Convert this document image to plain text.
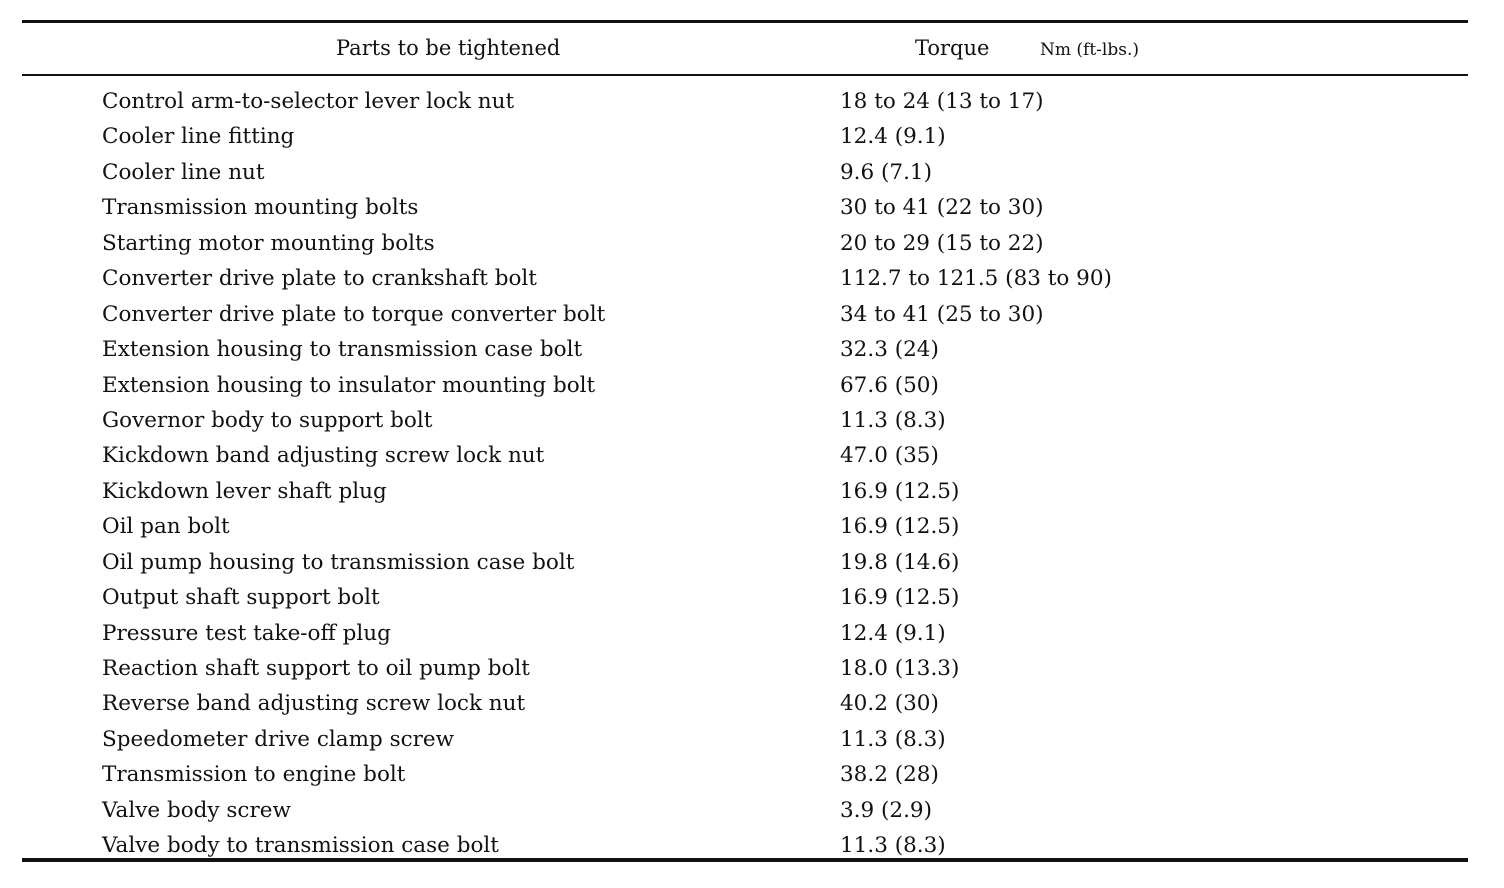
Parts to be tightened	Torque	Nm (ft-lbs.)
Control arm-to-selector lever lock nut	18 to 24 (13 to 17)
Cooler line fitting	12.4 (9.1)
Cooler line nut	9.6 (7.1)
Transmission mounting bolts	30 to 41 (22 to 30)
Starting motor mounting bolts	20 to 29 (15 to 22)
Converter drive plate to crankshaft bolt	112.7 to 121.5 (83 to 90)
Converter drive plate to torque converter bolt	34 to 41 (25 to 30)
Extension housing to transmission case bolt	32.3 (24)
Extension housing to insulator mounting bolt	67.6 (50)
Governor body to support bolt	11.3 (8.3)
Kickdown band adjusting screw lock nut	47.0 (35)
Kickdown lever shaft plug	16.9 (12.5)
Oil pan bolt	16.9 (12.5)
Oil pump housing to transmission case bolt	19.8 (14.6)
Output shaft support bolt	16.9 (12.5)
Pressure test take-off plug	12.4 (9.1)
Reaction shaft support to oil pump bolt	18.0 (13.3)
Reverse band adjusting screw lock nut	40.2 (30)
Speedometer drive clamp screw	11.3 (8.3)
Transmission to engine bolt	38.2 (28)
Valve body screw	3.9 (2.9)
Valve body to transmission case bolt	11.3 (8.3)
